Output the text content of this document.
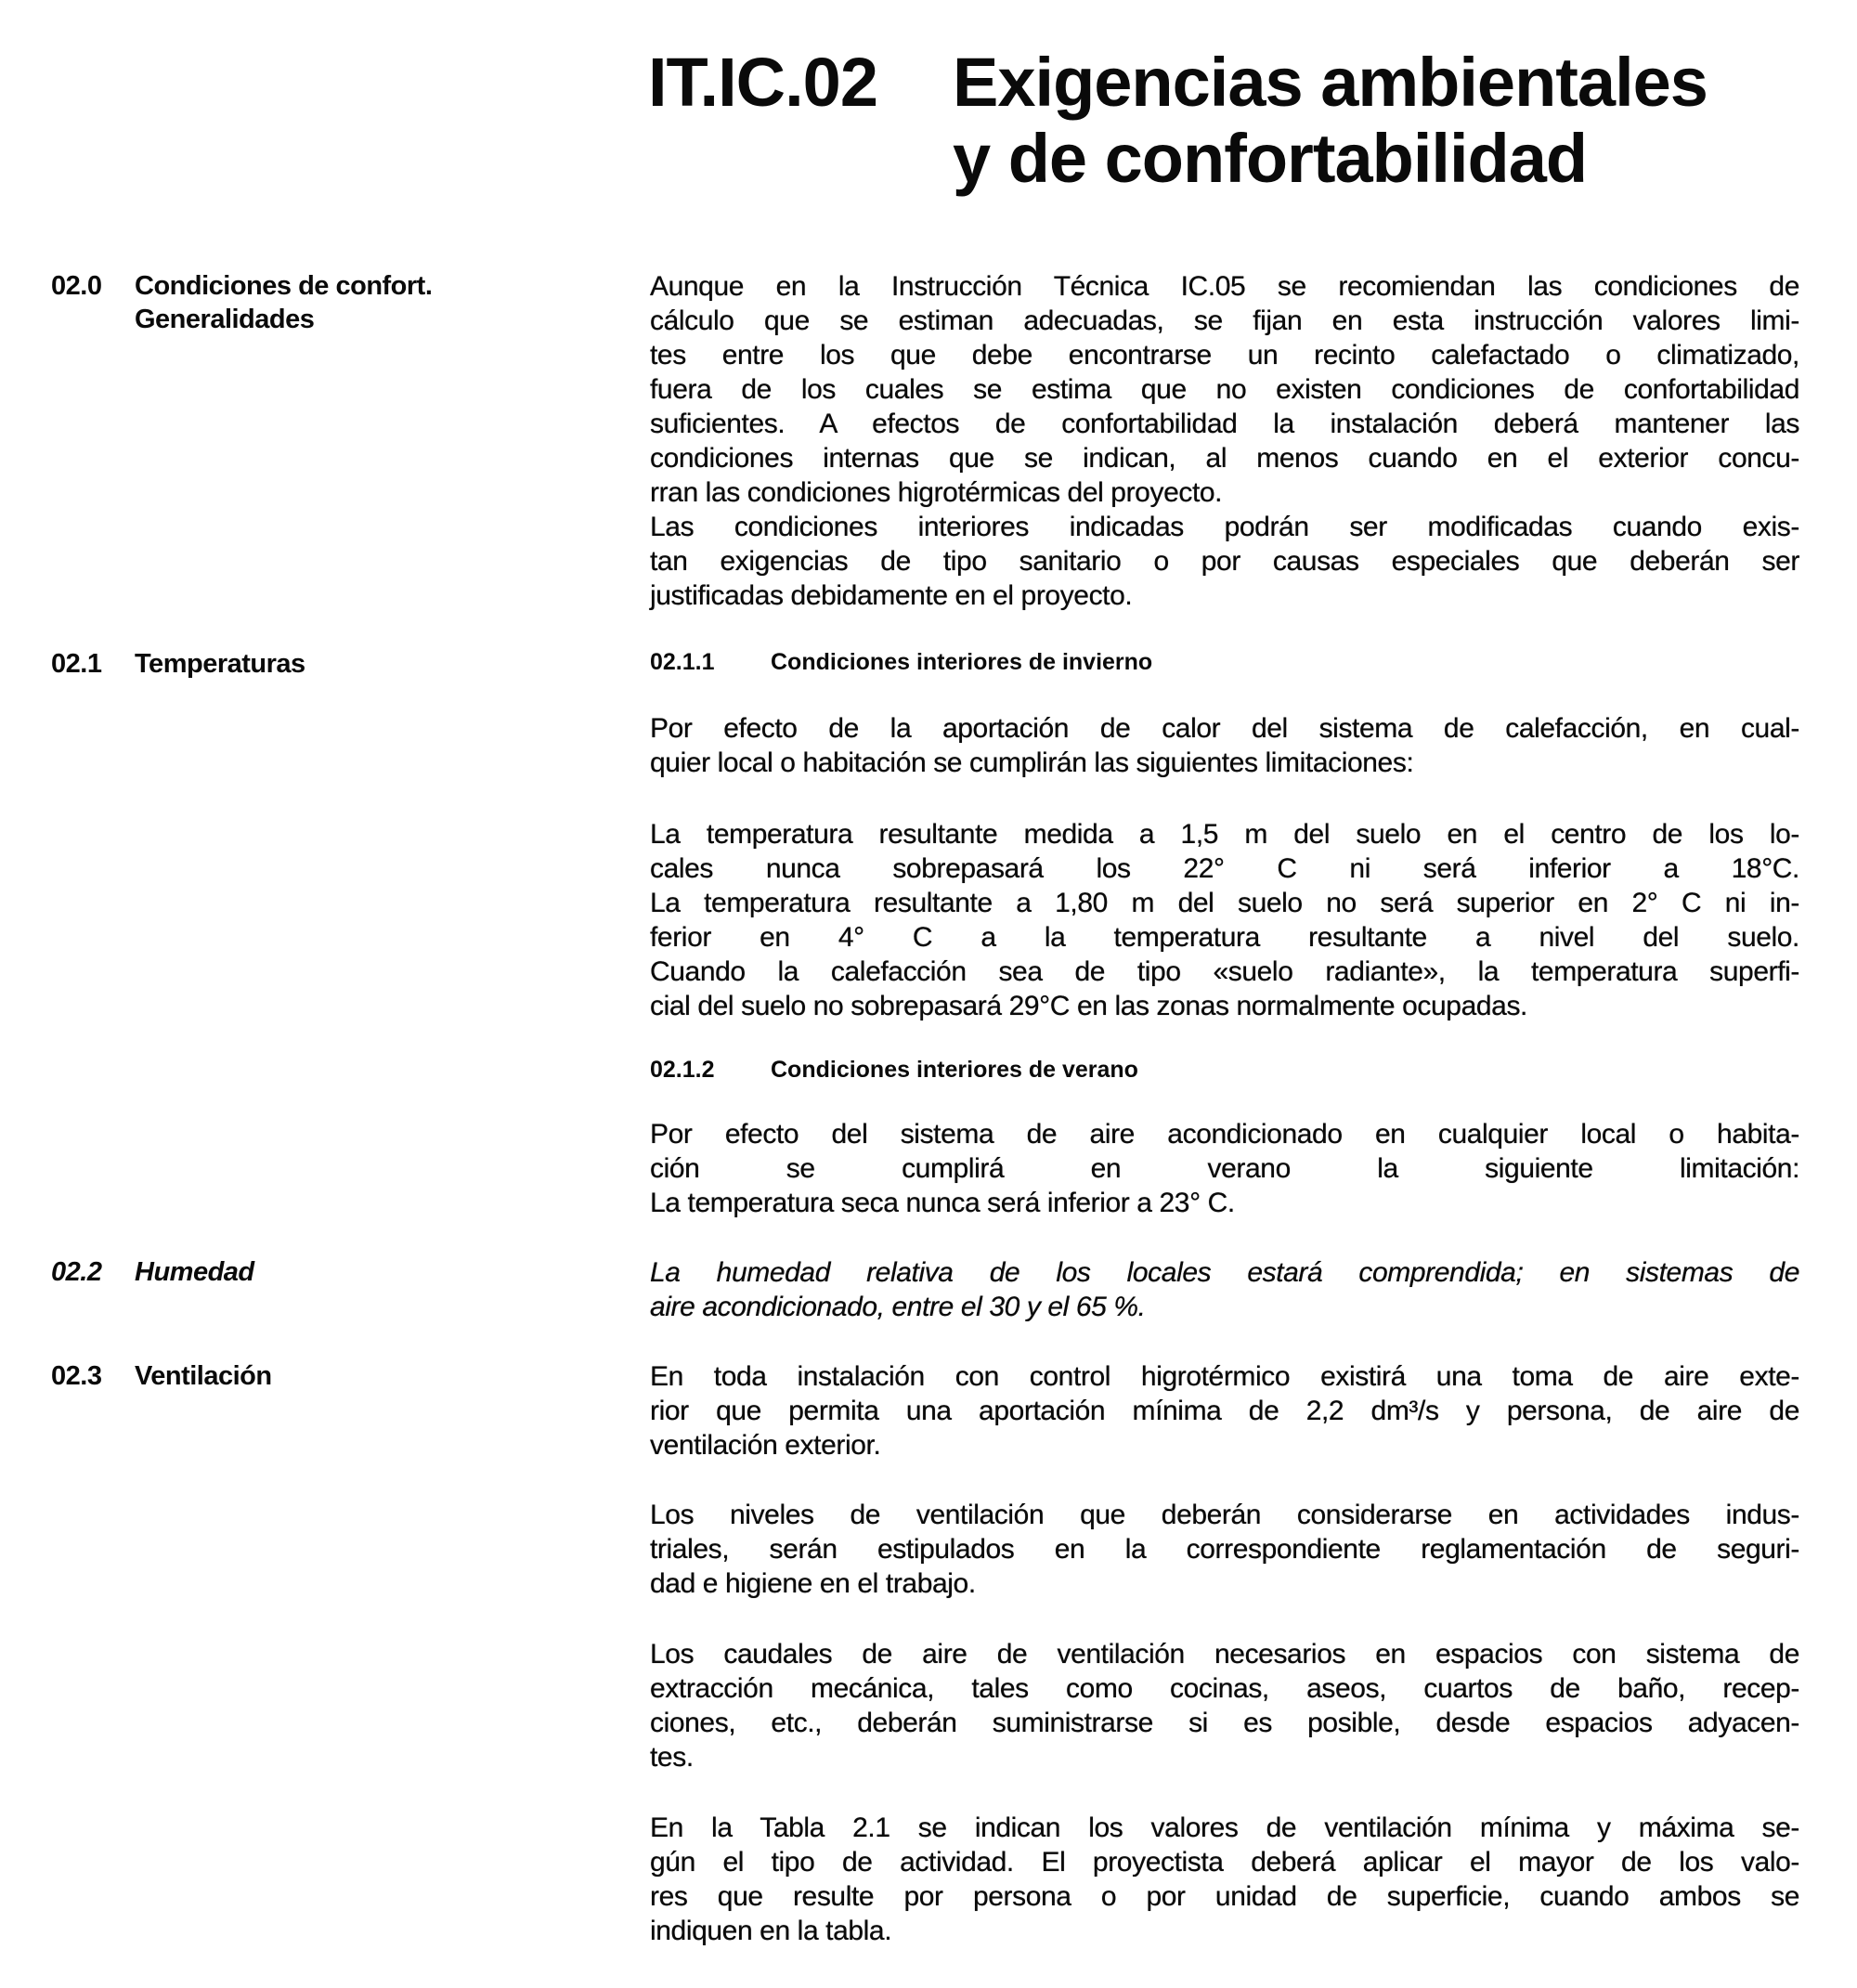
IT.IC.02 Exigencias ambientales
y de confortabilidad
02.0 Condiciones de confort.
Generalidades
02.1 Temperaturas
02.2 Humedad
02.3 Ventilación
02.1.1 Condiciones interiores de invierno
02.1.2 Condiciones interiores de verano
Aunque en la Instrucción Técnica IC.05 se recomiendan las condiciones de
cálculo que se estiman adecuadas, se fijan en esta instrucción valores limi-
tes entre los que debe encontrarse un recinto calefactado o climatizado,
fuera de los cuales se estima que no existen condiciones de confortabilidad
suficientes. A efectos de confortabilidad la instalación deberá mantener las
condiciones internas que se indican, al menos cuando en el exterior concu-
rran las condiciones higrotérmicas del proyecto.
Las condiciones interiores indicadas podrán ser modificadas cuando exis-
tan exigencias de tipo sanitario o por causas especiales que deberán ser
justificadas debidamente en el proyecto.
Por efecto de la aportación de calor del sistema de calefacción, en cual-
quier local o habitación se cumplirán las siguientes limitaciones:
La temperatura resultante medida a 1,5 m del suelo en el centro de los lo-
cales nunca sobrepasará los 22° C ni será inferior a 18°C.
La temperatura resultante a 1,80 m del suelo no será superior en 2° C ni in-
ferior en 4° C a la temperatura resultante a nivel del suelo.
Cuando la calefacción sea de tipo «suelo radiante», la temperatura superfi-
cial del suelo no sobrepasará 29°C en las zonas normalmente ocupadas.
Por efecto del sistema de aire acondicionado en cualquier local o habita-
ción se cumplirá en verano la siguiente limitación:
La temperatura seca nunca será inferior a 23° C.
La humedad relativa de los locales estará comprendida; en sistemas de
aire acondicionado, entre el 30 y el 65 %.
En toda instalación con control higrotérmico existirá una toma de aire exte-
rior que permita una aportación mínima de 2,2 dm³/s y persona, de aire de
ventilación exterior.
Los niveles de ventilación que deberán considerarse en actividades indus-
triales, serán estipulados en la correspondiente reglamentación de seguri-
dad e higiene en el trabajo.
Los caudales de aire de ventilación necesarios en espacios con sistema de
extracción mecánica, tales como cocinas, aseos, cuartos de baño, recep-
ciones, etc., deberán suministrarse si es posible, desde espacios adyacen-
tes.
En la Tabla 2.1 se indican los valores de ventilación mínima y máxima se-
gún el tipo de actividad. El proyectista deberá aplicar el mayor de los valo-
res que resulte por persona o por unidad de superficie, cuando ambos se
indiquen en la tabla.
